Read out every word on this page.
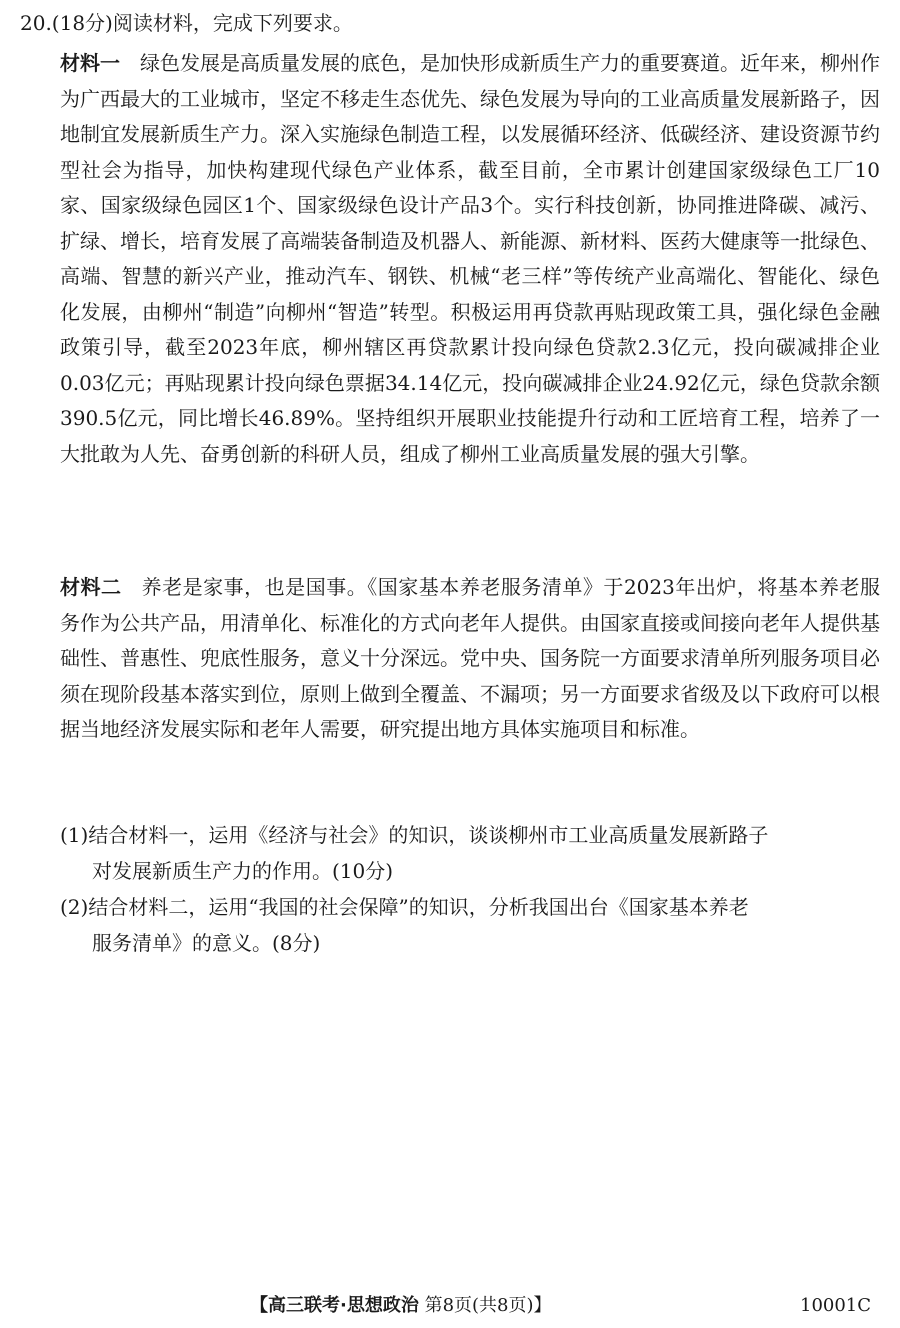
20.(18分)阅读材料，完成下列要求。
材料一 绿色发展是高质量发展的底色，是加快形成新质生产力的重要赛道。近年来，柳州作为广西最大的工业城市，坚定不移走生态优先、绿色发展为导向的工业高质量发展新路子，因地制宜发展新质生产力。深入实施绿色制造工程，以发展循环经济、低碳经济、建设资源节约型社会为指导，加快构建现代绿色产业体系，截至目前，全市累计创建国家级绿色工厂10家、国家级绿色园区1个、国家级绿色设计产品3个。实行科技创新，协同推进降碳、减污、扩绿、增长，培育发展了高端装备制造及机器人、新能源、新材料、医药大健康等一批绿色、高端、智慧的新兴产业，推动汽车、钢铁、机械“老三样”等传统产业高端化、智能化、绿色化发展，由柳州“制造”向柳州“智造”转型。积极运用再贷款再贴现政策工具，强化绿色金融政策引导，截至2023年底，柳州辖区再贷款累计投向绿色贷款2.3亿元，投向碳减排企业0.03亿元；再贴现累计投向绿色票据34.14亿元，投向碳减排企业24.92亿元，绿色贷款余额390.5亿元，同比增长46.89%。坚持组织开展职业技能提升行动和工匠培育工程，培养了一大批敢为人先、奋勇创新的科研人员，组成了柳州工业高质量发展的强大引擎。
材料二 养老是家事，也是国事。《国家基本养老服务清单》于2023年出炉，将基本养老服务作为公共产品，用清单化、标准化的方式向老年人提供。由国家直接或间接向老年人提供基础性、普惠性、兜底性服务，意义十分深远。党中央、国务院一方面要求清单所列服务项目必须在现阶段基本落实到位，原则上做到全覆盖、不漏项；另一方面要求省级及以下政府可以根据当地经济发展实际和老年人需要，研究提出地方具体实施项目和标准。
(1)结合材料一，运用《经济与社会》的知识，谈谈柳州市工业高质量发展新路子
对发展新质生产力的作用。(10分)
(2)结合材料二，运用“我国的社会保障”的知识，分析我国出台《国家基本养老
服务清单》的意义。(8分)
【高三联考·思想政治 第8页(共8页)】	10001C
